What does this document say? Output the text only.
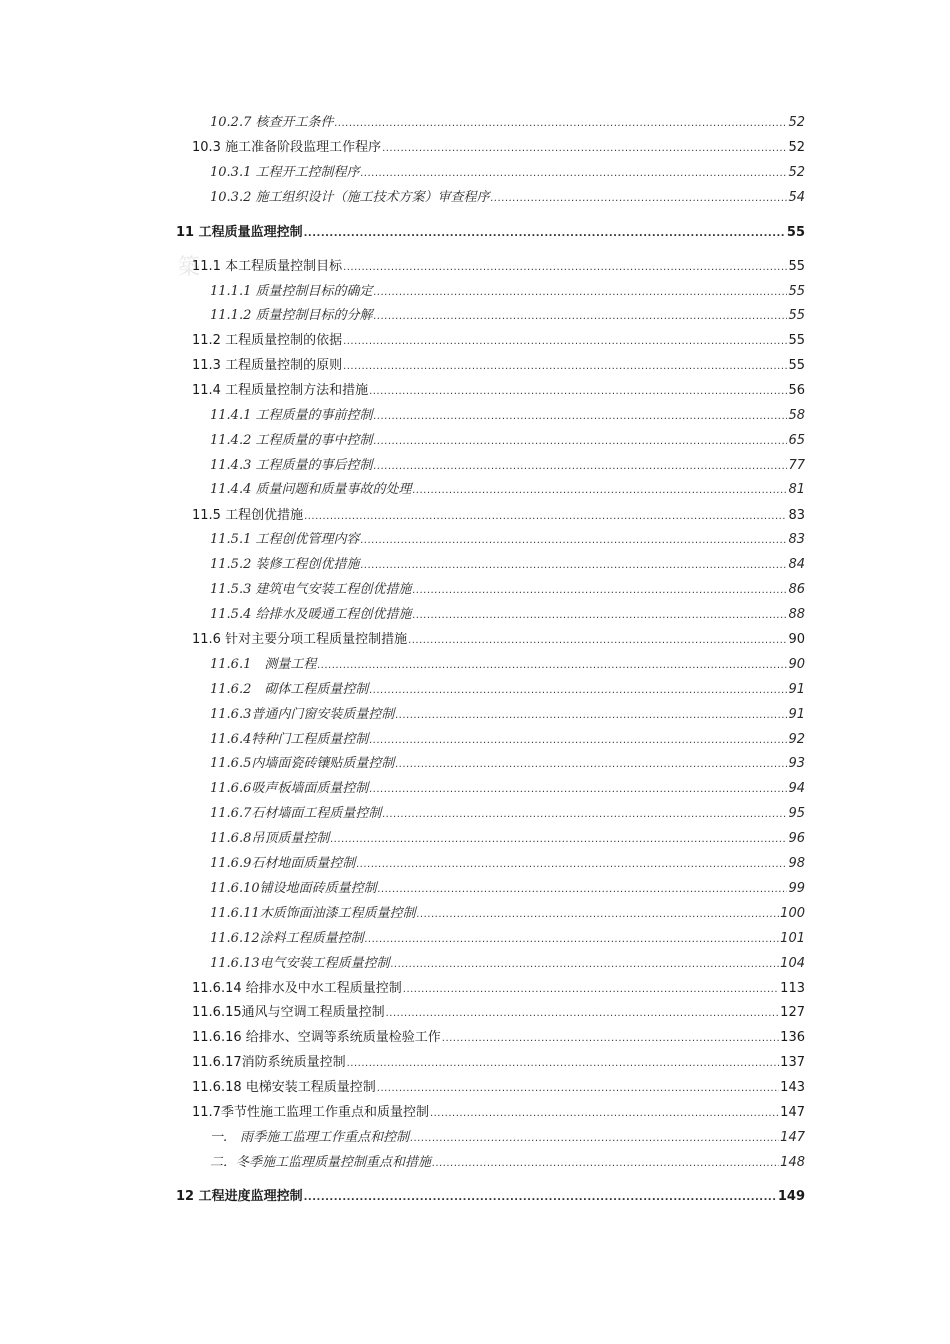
築
10.2.7 核查开工条件 .....	52
10.3 施工准备阶段监理工作程序 .....	52
10.3.1 工程开工控制程序 .....	52
10.3.2 施工组织设计（施工技术方案）审查程序 .....	54
11 工程质量监理控制 .....	55
11.1 本工程质量控制目标 .....	55
11.1.1 质量控制目标的确定 .....	55
11.1.2 质量控制目标的分解 .....	55
11.2 工程质量控制的依据 .....	55
11.3 工程质量控制的原则 .....	55
11.4 工程质量控制方法和措施 .....	56
11.4.1 工程质量的事前控制 .....	58
11.4.2 工程质量的事中控制 .....	65
11.4.3 工程质量的事后控制 .....	77
11.4.4 质量问题和质量事故的处理 .....	81
11.5 工程创优措施 .....	83
11.5.1 工程创优管理内容 .....	83
11.5.2 装修工程创优措施 .....	84
11.5.3 建筑电气安装工程创优措施 .....	86
11.5.4 给排水及暖通工程创优措施 .....	88
11.6 针对主要分项工程质量控制措施 .....	90
11.6.1　测量工程 .....	90
11.6.2　砌体工程质量控制 .....	91
11.6.3普通内门窗安装质量控制 .....	91
11.6.4特种门工程质量控制 .....	92
11.6.5内墙面瓷砖镶贴质量控制 .....	93
11.6.6吸声板墙面质量控制 .....	94
11.6.7石材墙面工程质量控制 .....	95
11.6.8吊顶质量控制 .....	96
11.6.9石材地面质量控制 .....	98
11.6.10铺设地面砖质量控制 .....	99
11.6.11木质饰面油漆工程质量控制 .....	100
11.6.12涂料工程质量控制 .....	101
11.6.13电气安装工程质量控制 .....	104
11.6.14 给排水及中水工程质量控制 .....	113
11.6.15通风与空调工程质量控制 .....	127
11.6.16 给排水、空调等系统质量检验工作 .....	136
11.6.17消防系统质量控制 .....	137
11.6.18 电梯安装工程质量控制 .....	143
11.7季节性施工监理工作重点和质量控制 .....	147
一.　雨季施工监理工作重点和控制 .....	147
二．冬季施工监理质量控制重点和措施 .....	148
12 工程进度监理控制 .....	149
